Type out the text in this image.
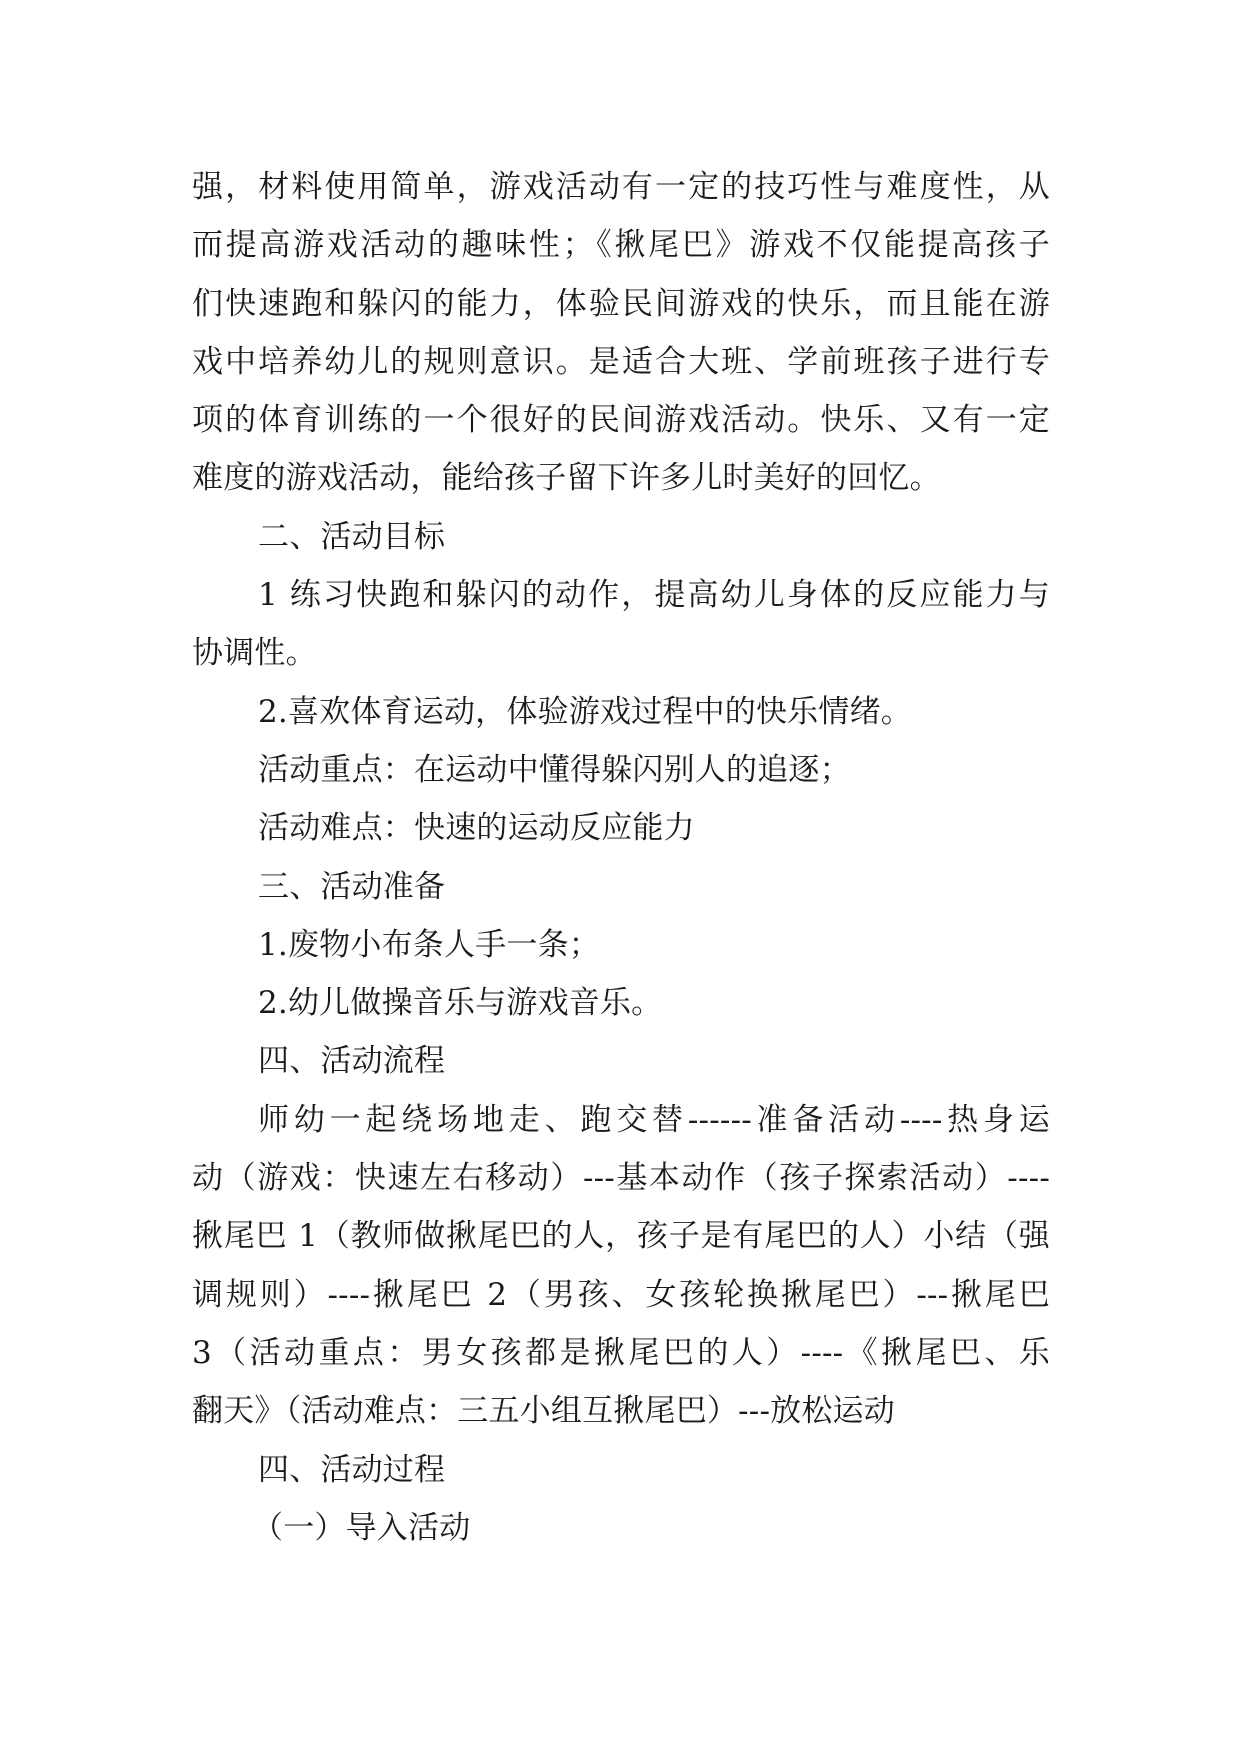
强，材料使用简单，游戏活动有一定的技巧性与难度性，从
而提高游戏活动的趣味性；《揪尾巴》游戏不仅能提高孩子
们快速跑和躲闪的能力，体验民间游戏的快乐，而且能在游
戏中培养幼儿的规则意识。是适合大班、学前班孩子进行专
项的体育训练的一个很好的民间游戏活动。快乐、又有一定
难度的游戏活动，能给孩子留下许多儿时美好的回忆。
二、活动目标
1 练习快跑和躲闪的动作，提高幼儿身体的反应能力与
协调性。
2.喜欢体育运动，体验游戏过程中的快乐情绪。
活动重点：在运动中懂得躲闪别人的追逐；
活动难点：快速的运动反应能力
三、活动准备
1.废物小布条人手一条；
2.幼儿做操音乐与游戏音乐。
四、活动流程
师幼一起绕场地走、跑交替------准备活动----热身运
动（游戏：快速左右移动）---基本动作（孩子探索活动）----
揪尾巴 1（教师做揪尾巴的人，孩子是有尾巴的人）小结（强
调规则）----揪尾巴 2（男孩、女孩轮换揪尾巴）---揪尾巴
3（活动重点：男女孩都是揪尾巴的人）----《揪尾巴、乐
翻天》（活动难点：三五小组互揪尾巴）---放松运动
四、活动过程
（一）导入活动
